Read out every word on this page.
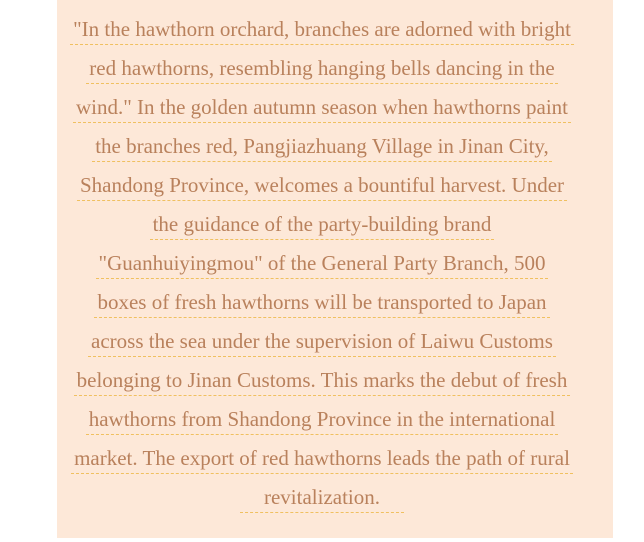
"In the hawthorn orchard, branches are adorned with bright
red hawthorns, resembling hanging bells dancing in the
wind." In the golden autumn season when hawthorns paint
the branches red, Pangjiazhuang Village in Jinan City,
Shandong Province, welcomes a bountiful harvest. Under
the guidance of the party-building brand
"Guanhuiyingmou" of the General Party Branch, 500
boxes of fresh hawthorns will be transported to Japan
across the sea under the supervision of Laiwu Customs
belonging to Jinan Customs. This marks the debut of fresh
hawthorns from Shandong Province in the international
market. The export of red hawthorns leads the path of rural
revitalization.
